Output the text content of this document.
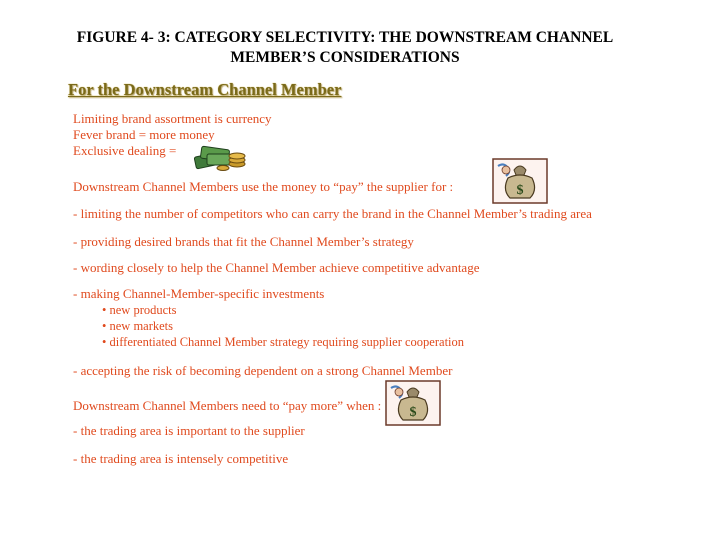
FIGURE 4- 3: CATEGORY SELECTIVITY: THE DOWNSTREAM CHANNEL
MEMBER’S CONSIDERATIONS
For the Downstream Channel Member
Limiting brand assortment is currency
Fever brand = more money
Exclusive dealing =
Downstream Channel Members use the money to “pay” the supplier for :	$
- limiting the number of competitors who can carry the brand in the Channel Member’s trading area
- providing desired brands that fit the Channel Member’s strategy
- wording closely to help the Channel Member achieve competitive advantage
- making Channel-Member-specific investments
• new products
• new markets
• differentiated Channel Member strategy requiring supplier cooperation
- accepting the risk of becoming dependent on a strong Channel Member
Downstream Channel Members need to “pay more” when : $
- the trading area is important to the supplier
- the trading area is intensely competitive
